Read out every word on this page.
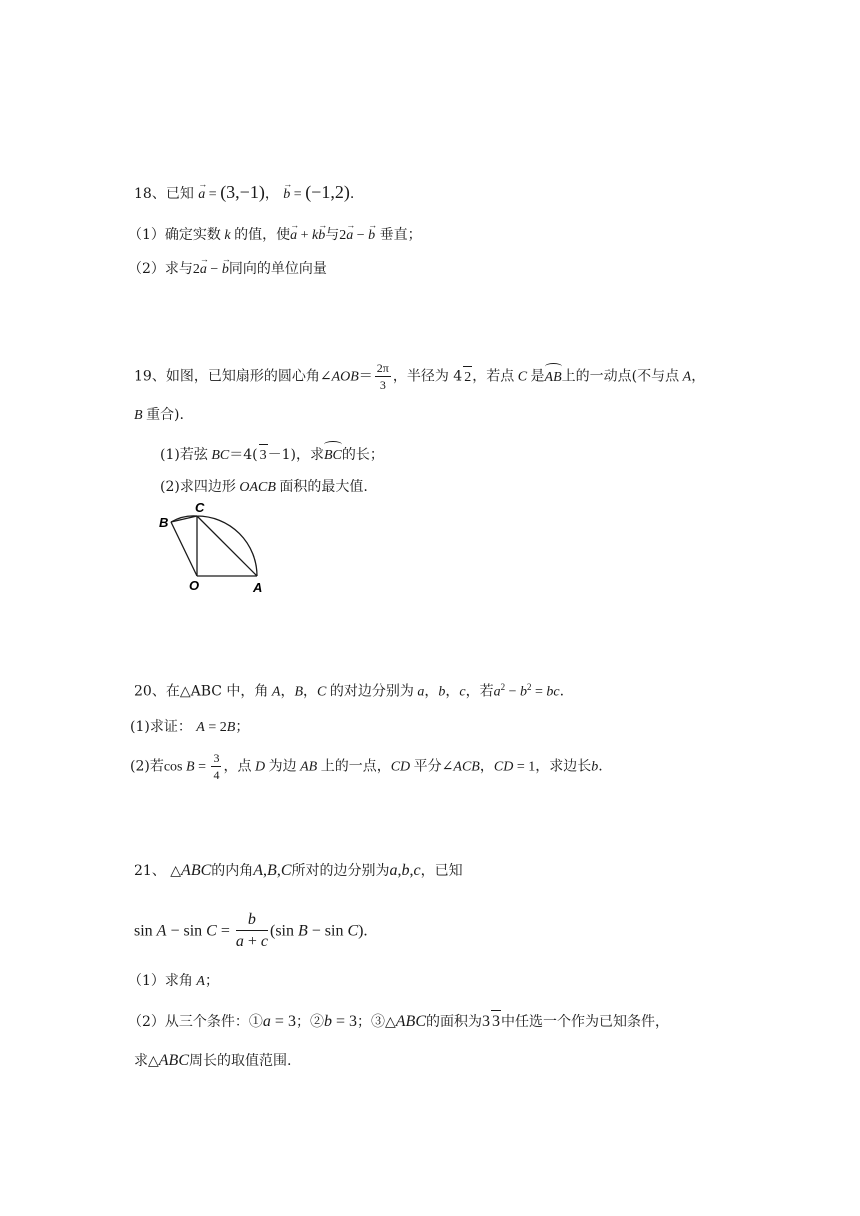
18、已知 → a = (3,−1)， → b = (−1,2).
（1）确定实数 k 的值，使→ a + k→ b与2→ a − → b 垂直；
（2）求与2→ a − → b同向的单位向量
19、如图，已知扇形的圆心角∠AOB＝ $\frac{2\pi}{3}$ ，半径为 4 2，若点 C 是AB上的一动点(不与点 A，
B 重合).
(1)若弦 BC＝4( 3－1)，求BC的长；
(2)求四边形 OACB 面积的最大值.
B
C
O	A
20、在△ABC 中，角 A，B，C 的对边分别为 a，b，c，若$a^2 - b^2$ = bc.
(1)求证： A = 2B；
(2)若$\cos B = \frac{3}{4}$ ，点 D 为边 AB 上的一点，CD 平分∠ACB，CD = 1，求边长b.
21、 △ABC的内角A,B,C所对的边分别为a,b,c，已知
$\sin A - \sin C = \frac{b}{a + c} (\sin$ B − sin C).
（1）求角 A；
（2）从三个条件：①a = 3；②b = 3；③△ABC的面积为3 3中任选一个作为已知条件，
求△ABC周长的取值范围.
